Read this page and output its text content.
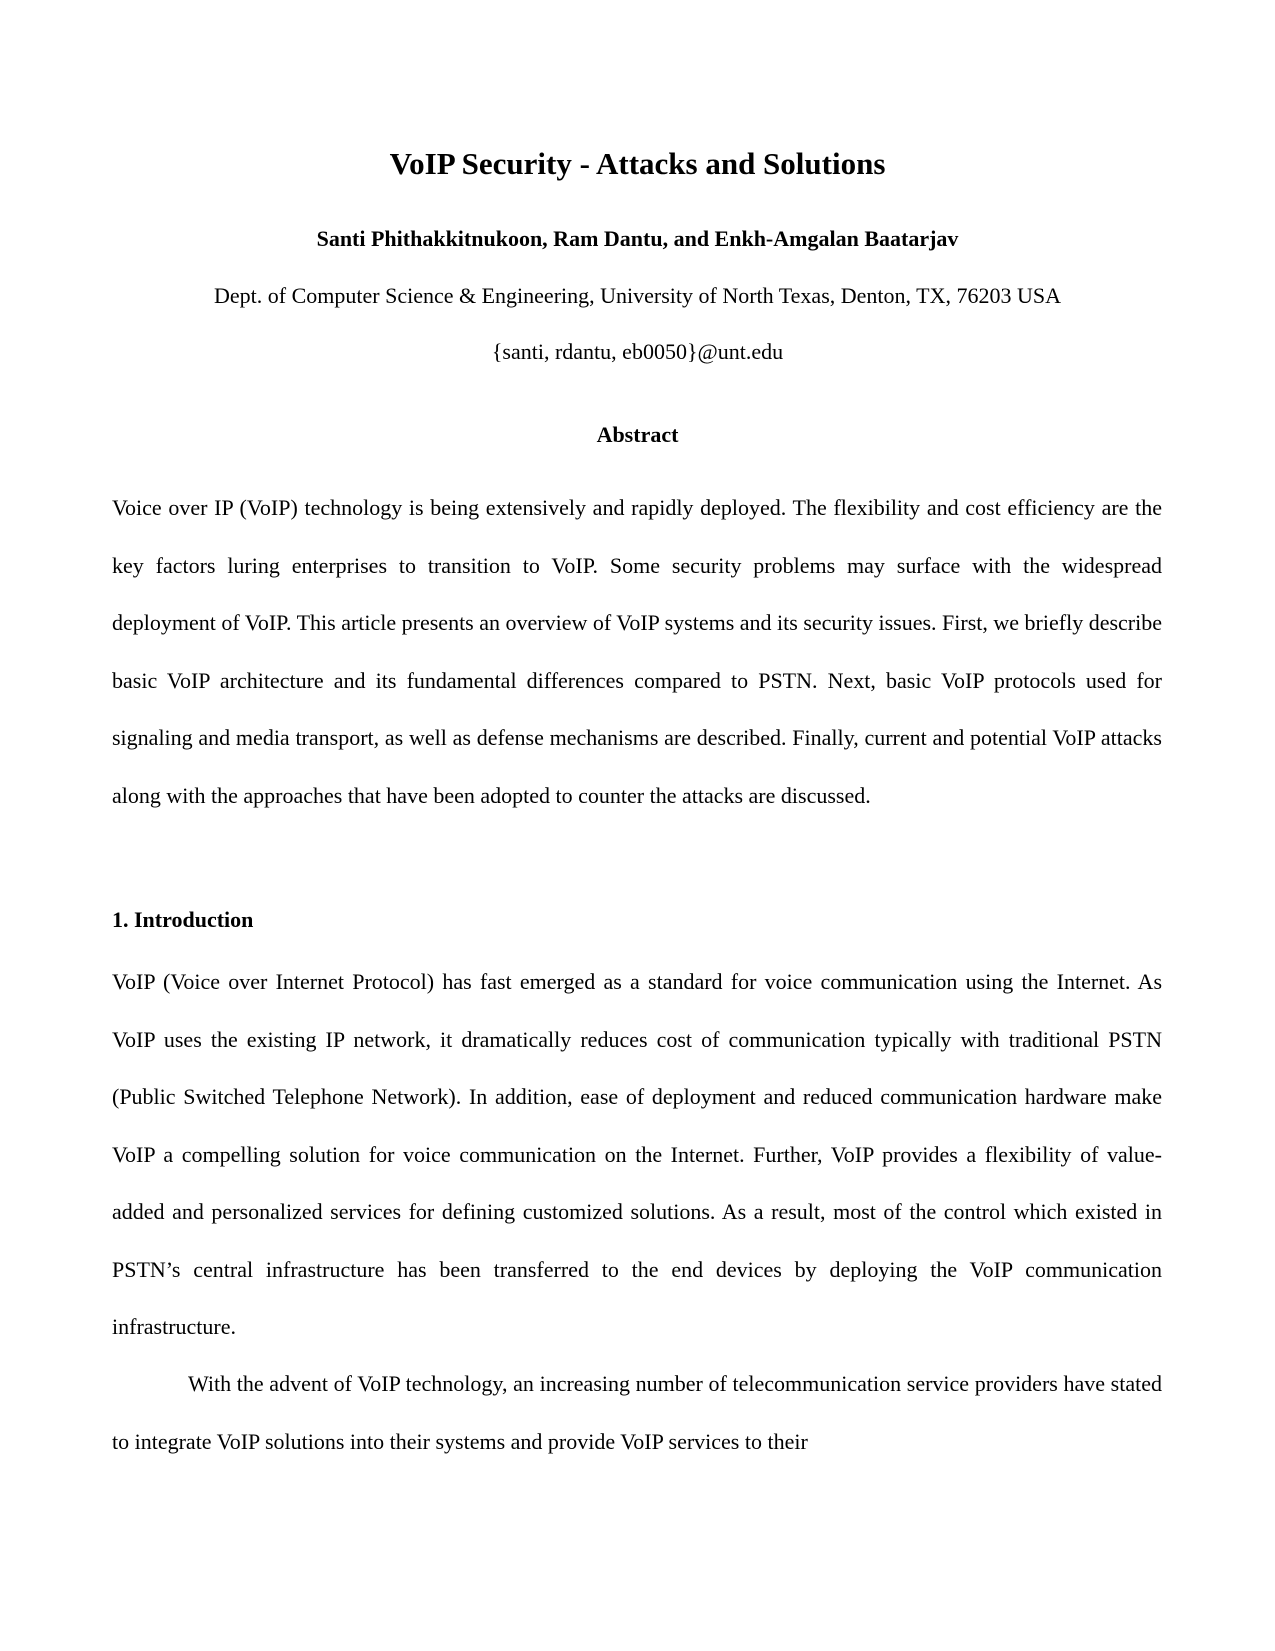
VoIP Security - Attacks and Solutions
Santi Phithakkitnukoon, Ram Dantu, and Enkh-Amgalan Baatarjav
Dept. of Computer Science & Engineering, University of North Texas, Denton, TX, 76203 USA
{santi, rdantu, eb0050}@unt.edu
Abstract

Voice over IP (VoIP) technology is being extensively and rapidly deployed. The flexibility and cost efficiency are the key factors luring enterprises to transition to VoIP. Some security problems may surface with the widespread deployment of VoIP. This article presents an overview of VoIP systems and its security issues. First, we briefly describe basic VoIP architecture and its fundamental differences compared to PSTN. Next, basic VoIP protocols used for signaling and media transport, as well as defense mechanisms are described. Finally, current and potential VoIP attacks along with the approaches that have been adopted to counter the attacks are discussed.

1. Introduction

VoIP (Voice over Internet Protocol) has fast emerged as a standard for voice communication using the Internet. As VoIP uses the existing IP network, it dramatically reduces cost of communication typically with traditional PSTN (Public Switched Telephone Network). In addition, ease of deployment and reduced communication hardware make VoIP a compelling solution for voice communication on the Internet. Further, VoIP provides a flexibility of value-added and personalized services for defining customized solutions. As a result, most of the control which existed in PSTN’s central infrastructure has been transferred to the end devices by deploying the VoIP communication infrastructure.

With the advent of VoIP technology, an increasing number of telecommunication service providers have stated to integrate VoIP solutions into their systems and provide VoIP services to their
